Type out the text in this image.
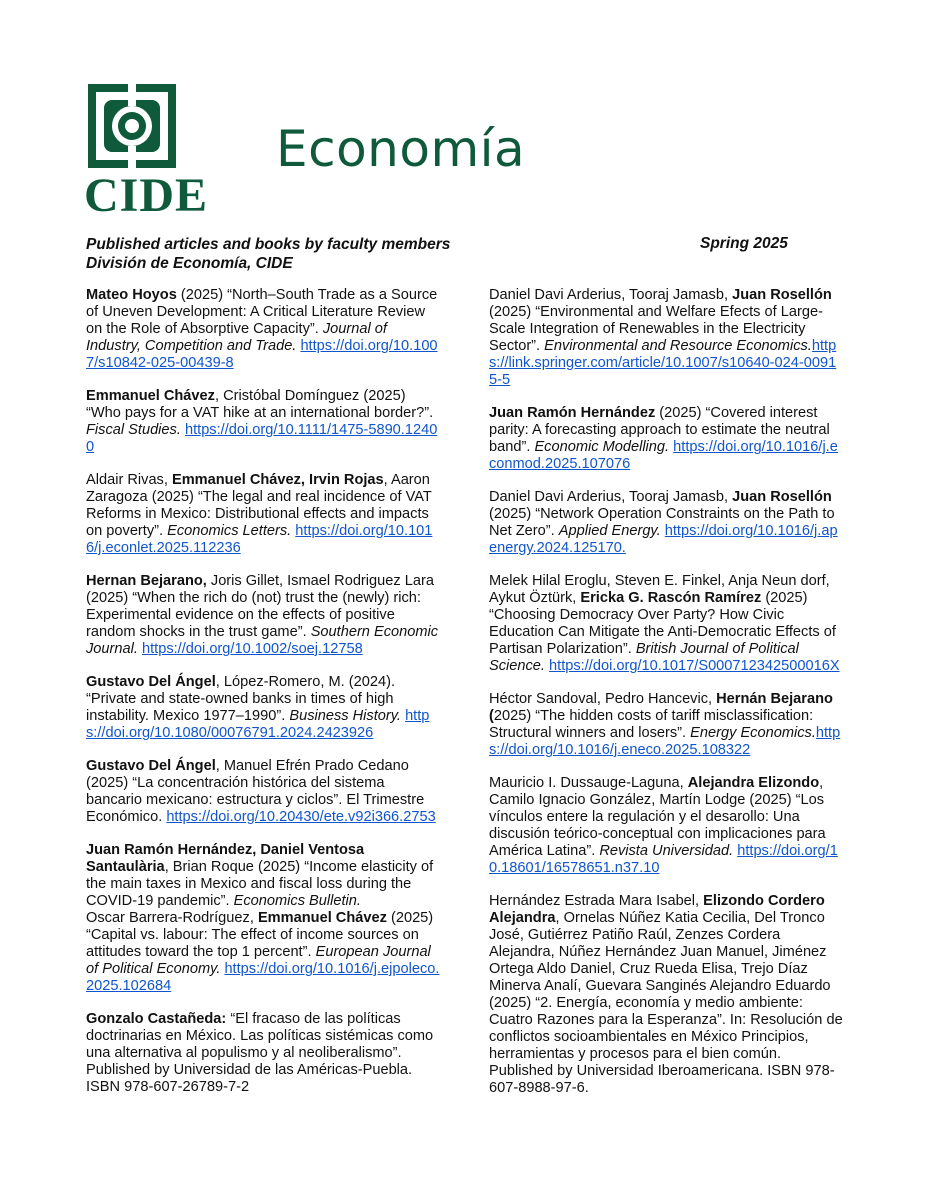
CIDE
Economía
Published articles and books by faculty members
División de Economía, CIDE
Spring 2025
Mateo Hoyos (2025) “North–South Trade as a Source of Uneven Development: A Critical Literature Review on the Role of Absorptive Capacity”. Journal of Industry, Competition and Trade. https://doi.org/10.1007/s10842-025-00439-8
Emmanuel Chávez, Cristóbal Domínguez (2025) “Who pays for a VAT hike at an international border?”. Fiscal Studies. https://doi.org/10.1111/1475-5890.12400
Aldair Rivas, Emmanuel Chávez, Irvin Rojas, Aaron Zaragoza (2025) “The legal and real incidence of VAT Reforms in Mexico: Distributional effects and impacts on poverty”. Economics Letters. https://doi.org/10.1016/j.econlet.2025.112236
Hernan Bejarano, Joris Gillet, Ismael Rodriguez Lara (2025) “When the rich do (not) trust the (newly) rich: Experimental evidence on the effects of positive random shocks in the trust game”. Southern Economic Journal. https://doi.org/10.1002/soej.12758
Gustavo Del Ángel, López-Romero, M. (2024). “Private and state-owned banks in times of high instability. Mexico 1977–1990”. Business History. https://doi.org/10.1080/00076791.2024.2423926
Gustavo Del Ángel, Manuel Efrén Prado Cedano (2025) “La concentración histórica del sistema bancario mexicano: estructura y ciclos”. El Trimestre Económico. https://doi.org/10.20430/ete.v92i366.2753
Juan Ramón Hernández, Daniel Ventosa Santaulària, Brian Roque (2025) “Income elasticity of the main taxes in Mexico and fiscal loss during the COVID-19 pandemic”. Economics Bulletin.
Oscar Barrera-Rodríguez, Emmanuel Chávez (2025) “Capital vs. labour: The effect of income sources on attitudes toward the top 1 percent”. European Journal of Political Economy. https://doi.org/10.1016/j.ejpoleco.2025.102684
Gonzalo Castañeda: “El fracaso de las políticas doctrinarias en México. Las políticas sistémicas como una alternativa al populismo y al neoliberalismo”. Published by Universidad de las Américas-Puebla. ISBN 978-607-26789-7-2
Daniel Davi Arderius, Tooraj Jamasb, Juan Rosellón (2025) “Environmental and Welfare Efects of Large-Scale Integration of Renewables in the Electricity Sector”. Environmental and Resource Economics.https://link.springer.com/article/10.1007/s10640-024-00915-5
Juan Ramón Hernández (2025) “Covered interest parity: A forecasting approach to estimate the neutral band”. Economic Modelling. https://doi.org/10.1016/j.econmod.2025.107076
Daniel Davi Arderius, Tooraj Jamasb, Juan Rosellón (2025) “Network Operation Constraints on the Path to Net Zero”. Applied Energy. https://doi.org/10.1016/j.apenergy.2024.125170.
Melek Hilal Eroglu, Steven E. Finkel, Anja Neun dorf, Aykut Öztürk, Ericka G. Rascón Ramírez (2025) “Choosing Democracy Over Party? How Civic Education Can Mitigate the Anti-Democratic Effects of Partisan Polarization”. British Journal of Political Science. https://doi.org/10.1017/S000712342500016X
Héctor Sandoval, Pedro Hancevic, Hernán Bejarano (2025) “The hidden costs of tariff misclassification: Structural winners and losers”. Energy Economics.https://doi.org/10.1016/j.eneco.2025.108322
Mauricio I. Dussauge-Laguna, Alejandra Elizondo, Camilo Ignacio González, Martín Lodge (2025) “Los vínculos entere la regulación y el desarollo: Una discusión teórico-conceptual con implicaciones para América Latina”. Revista Universidad. https://doi.org/10.18601/16578651.n37.10
Hernández Estrada Mara Isabel, Elizondo Cordero Alejandra, Ornelas Núñez Katia Cecilia, Del Tronco José, Gutiérrez Patiño Raúl, Zenzes Cordera Alejandra, Núñez Hernández Juan Manuel, Jiménez Ortega Aldo Daniel, Cruz Rueda Elisa, Trejo Díaz Minerva Analí, Guevara Sanginés Alejandro Eduardo (2025) “2. Energía, economía y medio ambiente: Cuatro Razones para la Esperanza”. In: Resolución de conflictos socioambientales en México Principios, herramientas y procesos para el bien común. Published by Universidad Iberoamericana. ISBN 978-607-8988-97-6.
